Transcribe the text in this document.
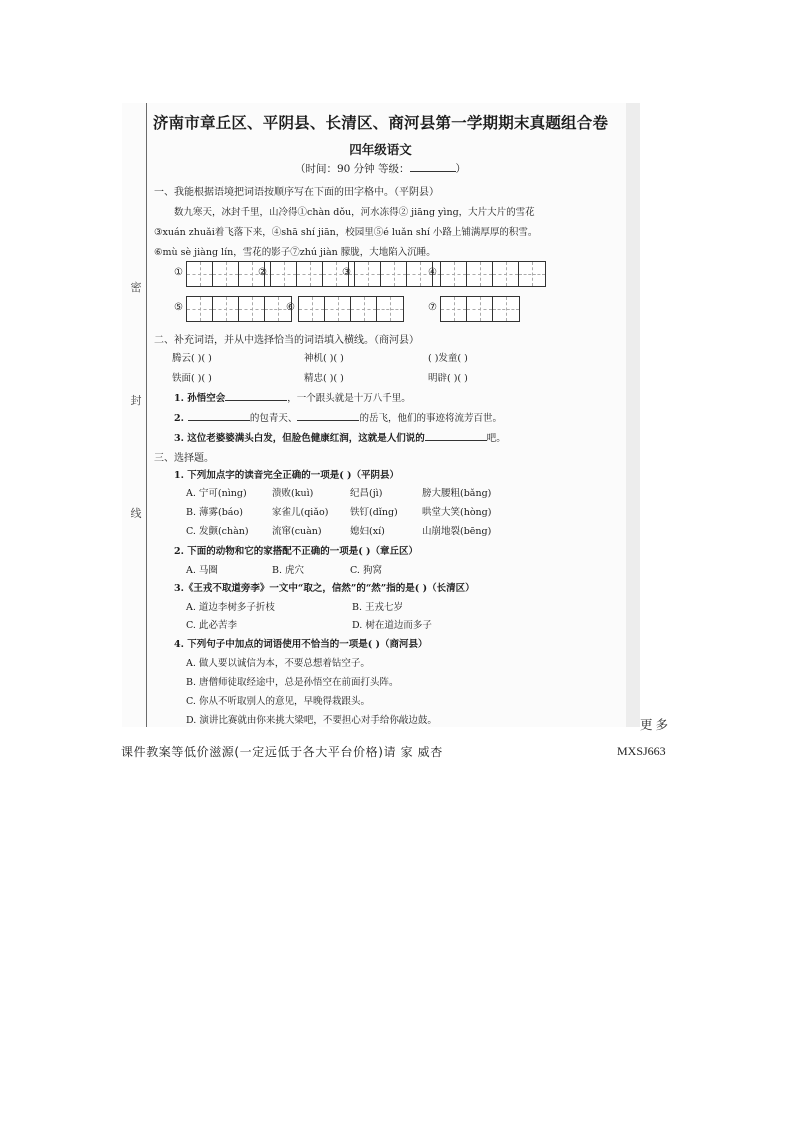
密
封
线
济南市章丘区、平阴县、长清区、商河县第一学期期末真题组合卷
四年级语文
（时间：90 分钟 等级：	）
一、我能根据语境把词语按顺序写在下面的田字格中。（平阴县）
数九寒天，冰封千里，山冷得①chàn dǒu，河水冻得② jiāng yìng，大片大片的雪花
③xuán zhuǎi着飞落下来，④shā shí jiān，校园里⑤é luǎn shí 小路上铺满厚厚的积雪。
⑥mù sè jiàng lín，雪花的影子⑦zhú jiàn 朦胧，大地陷入沉睡。
①	②	③	④
⑤	⑥	⑦
二、补充词语，并从中选择恰当的词语填入横线。（商河县）
腾云( )( )	神机( )( )	( )发童( )
铁面( )( )	精忠( )( )	明辟( )( )
1. 孙悟空会	，一个跟头就是十万八千里。
2.	的包青天、	的岳飞，他们的事迹将流芳百世。
3. 这位老婆婆满头白发，但脸色健康红润，这就是人们说的	吧。
三、选择题。
1. 下列加点字的读音完全正确的一项是( )（平阴县）
A. 宁可(nìng)	溃败(kuì)	纪昌(jì)	膀大腰粗(bǎng)
B. 薄雾(báo)	家雀儿(qiǎo) 铁钉(dǐng)	哄堂大笑(hòng)
C. 发颤(chàn) 流窜(cuàn)	媳妇(xí)	山崩地裂(bēng)
2. 下面的动物和它的家搭配不正确的一项是( )（章丘区）
A. 马圈	B. 虎穴	C. 狗窝
3.《王戎不取道旁李》一文中“取之，信然”的“然”指的是( )（长清区）
A. 道边李树多子折枝	B. 王戎七岁
C. 此必苦李	D. 树在道边而多子
4. 下列句子中加点的词语使用不恰当的一项是( )（商河县）
A. 做人要以诚信为本，不要总想着钻空子。
B. 唐僧师徒取经途中，总是孙悟空在前面打头阵。
C. 你从不听取别人的意见，早晚得栽跟头。
D. 演讲比赛就由你来挑大梁吧，不要担心对手给你敲边鼓。	更多
课件教案等低价滋源(一定远低于各大平台价格)请 家 威杏	MXSJ663
